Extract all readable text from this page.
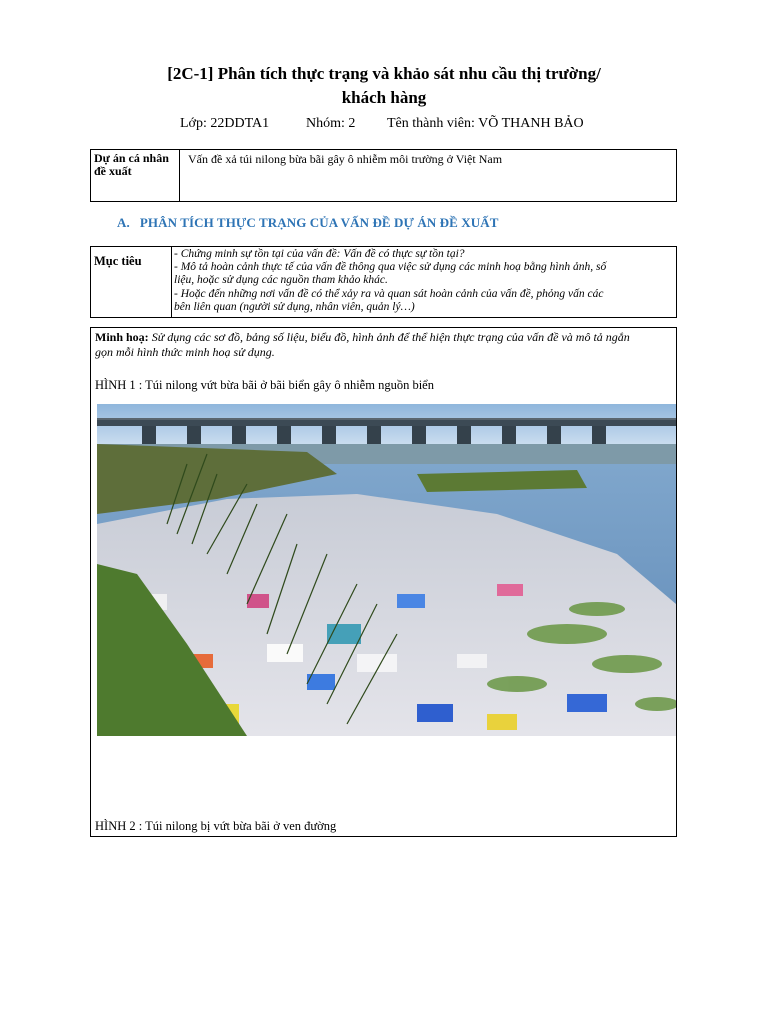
[2C-1] Phân tích thực trạng và khảo sát nhu cầu thị trường/
khách hàng
Lớp: 22DDTA1	Nhóm: 2 Tên thành viên: VÕ THANH BẢO
Dự án cá nhân
đề xuất
Vấn đề xả túi nilong bừa bãi gây ô nhiễm môi trường ở Việt Nam
A. PHÂN TÍCH THỰC TRẠNG CỦA VẤN ĐỀ DỰ ÁN ĐỀ XUẤT
Mục tiêu	- Chứng minh sự tồn tại của vấn đề: Vấn đề có thực sự tồn tại?
- Mô tả hoàn cảnh thực tế của vấn đề thông qua việc sử dụng các minh hoạ bằng hình ảnh, số
liệu, hoặc sử dụng các nguồn tham khảo khác.
- Hoặc đến những nơi vấn đề có thể xảy ra và quan sát hoàn cảnh của vấn đề, phỏng vấn các
bên liên quan (người sử dụng, nhân viên, quản lý…)
Minh hoạ: Sử dụng các sơ đồ, bảng số liệu, biểu đồ, hình ảnh để thể hiện thực trạng của vấn đề và mô tả ngắn
gọn mỗi hình thức minh hoạ sử dụng.
HÌNH 1 : Túi nilong vứt bừa bãi ở bãi biển gây ô nhiễm nguồn biển
HÌNH 2 : Túi nilong bị vứt bừa bãi ở ven đường
